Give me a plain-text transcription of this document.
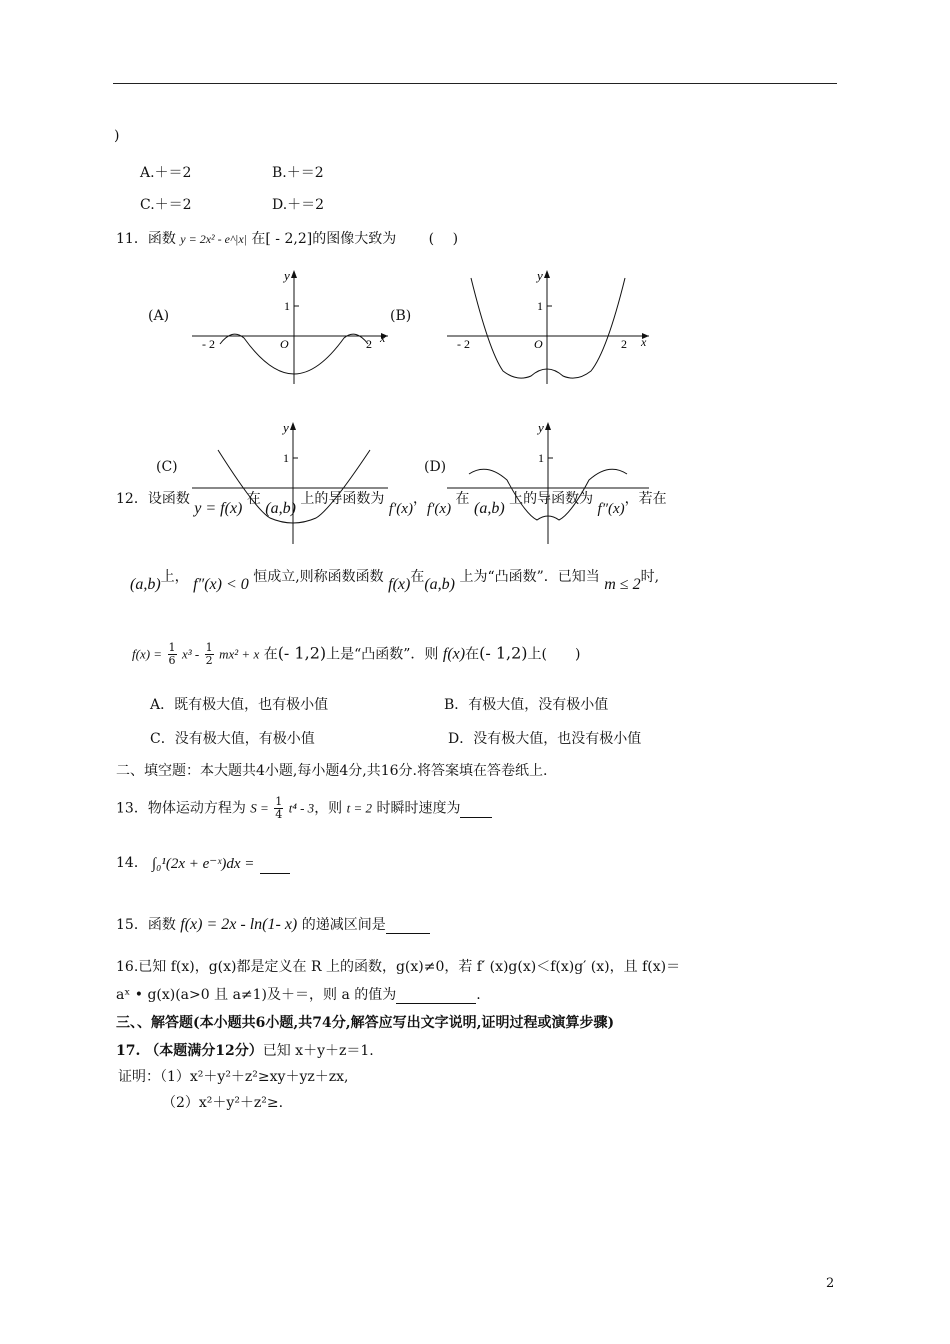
)
A.＋＝2	B.＋＝2
C.＋＝2	D.＋＝2
11．函数 y = 2x² - e^|x| 在[ - 2,2]的图像大致为 (　 )
(A)	(B)
(C)	(D)
y
1
x
O
- 2	2
y
1
x
O
- 2	2
y
1
y
1
12．设函数 y = f(x) 在 (a,b) 上的导函数为 f′(x)，f′(x) 在 (a,b) 上的导函数为 f″(x)，若在
(a,b)上， f″(x) < 0 恒成立,则称函数函数 f(x)在(a,b) 上为“凸函数”．已知当 m ≤ 2时,
$f(x) = \frac{1}{6} x^3 - \frac{1}{2} mx^2 + x$ 在(- 1,2)上是“凸函数”．则 f(x)在(- 1,2)上(　　)
A．既有极大值，也有极小值	B．有极大值，没有极小值
C．没有极大值，有极小值	D．没有极大值，也没有极小值
二、填空题：本大题共4小题,每小题4分,共16分.将答案填在答卷纸上.
13．物体运动方程为 $S = \frac{1}{4} t^4 - 3$，则 t = 2 时瞬时速度为
14． ∫₀¹(2x + e⁻ˣ)dx =
15．函数 f(x) = 2x - ln(1- x) 的递减区间是
16.已知 f(x)，g(x)都是定义在 R 上的函数，g(x)≠0，若 f′ (x)g(x)＜f(x)g′ (x)，且 f(x)＝
aˣ • g(x)(a>0 且 a≠1)及＋＝，则 a 的值为	.
三、、解答题(本小题共6小题,共74分,解答应写出文字说明,证明过程或演算步骤)
17. （本题满分12分）已知 x＋y＋z＝1.
证明：（1）x²＋y²＋z²≥xy＋yz＋zx,
（2）x²＋y²＋z²≥.
2
